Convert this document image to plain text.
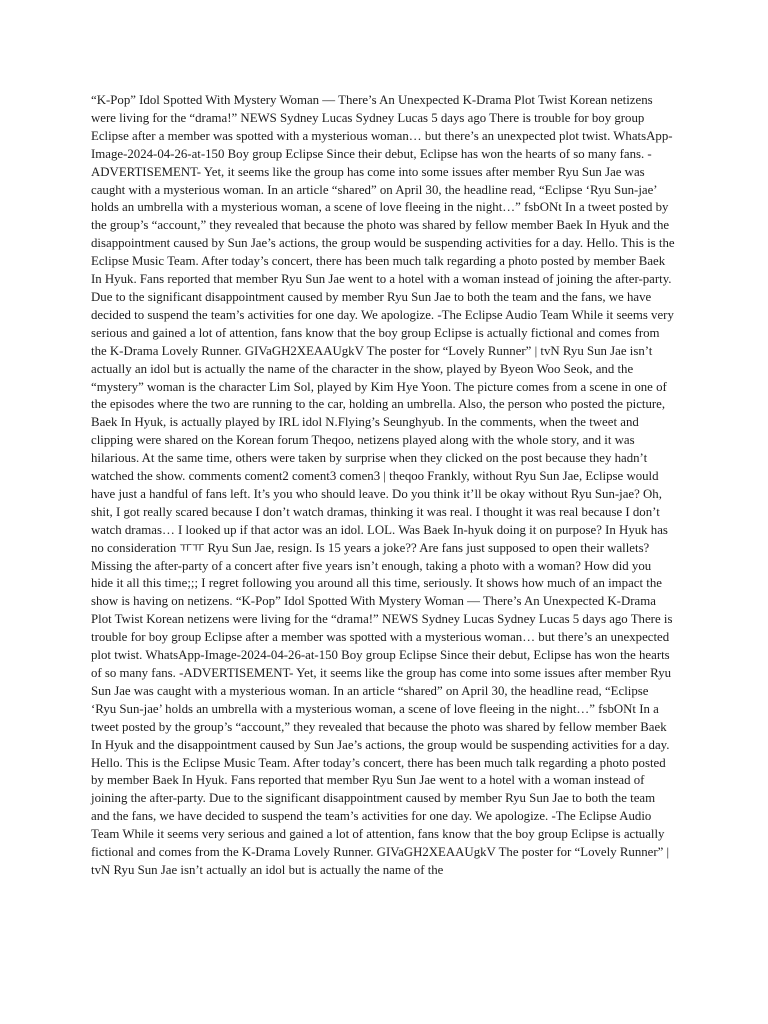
“K-Pop” Idol Spotted With Mystery Woman — There’s An Unexpected K-Drama Plot Twist Korean netizens were living for the “drama!” NEWS Sydney Lucas Sydney Lucas 5 days ago There is trouble for boy group Eclipse after a member was spotted with a mysterious woman… but there’s an unexpected plot twist. WhatsApp-Image-2024-04-26-at-150 Boy group Eclipse Since their debut, Eclipse has won the hearts of so many fans. -ADVERTISEMENT- Yet, it seems like the group has come into some issues after member Ryu Sun Jae was caught with a mysterious woman. In an article “shared” on April 30, the headline read, “Eclipse ‘Ryu Sun-jae’ holds an umbrella with a mysterious woman, a scene of love fleeing in the night…” fsbONt In a tweet posted by the group’s “account,” they revealed that because the photo was shared by fellow member Baek In Hyuk and the disappointment caused by Sun Jae’s actions, the group would be suspending activities for a day. Hello. This is the Eclipse Music Team. After today’s concert, there has been much talk regarding a photo posted by member Baek In Hyuk. Fans reported that member Ryu Sun Jae went to a hotel with a woman instead of joining the after-party. Due to the significant disappointment caused by member Ryu Sun Jae to both the team and the fans, we have decided to suspend the team’s activities for one day. We apologize. -The Eclipse Audio Team While it seems very serious and gained a lot of attention, fans know that the boy group Eclipse is actually fictional and comes from the K-Drama Lovely Runner. GIVaGH2XEAAUgkV The poster for “Lovely Runner” | tvN Ryu Sun Jae isn’t actually an idol but is actually the name of the character in the show, played by Byeon Woo Seok, and the “mystery” woman is the character Lim Sol, played by Kim Hye Yoon. The picture comes from a scene in one of the episodes where the two are running to the car, holding an umbrella. Also, the person who posted the picture, Baek In Hyuk, is actually played by IRL idol N.Flying’s Seunghyub. In the comments, when the tweet and clipping were shared on the Korean forum Theqoo, netizens played along with the whole story, and it was hilarious. At the same time, others were taken by surprise when they clicked on the post because they hadn’t watched the show. comments coment2 coment3 comen3 | theqoo Frankly, without Ryu Sun Jae, Eclipse would have just a handful of fans left. It’s you who should leave. Do you think it’ll be okay without Ryu Sun-jae? Oh, shit, I got really scared because I don’t watch dramas, thinking it was real. I thought it was real because I don’t watch dramas… I looked up if that actor was an idol. LOL. Was Baek In-hyuk doing it on purpose? In Hyuk has no consideration ㅠㅠ Ryu Sun Jae, resign. Is 15 years a joke?? Are fans just supposed to open their wallets? Missing the after-party of a concert after five years isn’t enough, taking a photo with a woman? How did you hide it all this time;;; I regret following you around all this time, seriously. It shows how much of an impact the show is having on netizens. “K-Pop” Idol Spotted With Mystery Woman — There’s An Unexpected K-Drama Plot Twist Korean netizens were living for the “drama!” NEWS Sydney Lucas Sydney Lucas 5 days ago There is trouble for boy group Eclipse after a member was spotted with a mysterious woman… but there’s an unexpected plot twist. WhatsApp-Image-2024-04-26-at-150 Boy group Eclipse Since their debut, Eclipse has won the hearts of so many fans. -ADVERTISEMENT- Yet, it seems like the group has come into some issues after member Ryu Sun Jae was caught with a mysterious woman. In an article “shared” on April 30, the headline read, “Eclipse ‘Ryu Sun-jae’ holds an umbrella with a mysterious woman, a scene of love fleeing in the night…” fsbONt In a tweet posted by the group’s “account,” they revealed that because the photo was shared by fellow member Baek In Hyuk and the disappointment caused by Sun Jae’s actions, the group would be suspending activities for a day. Hello. This is the Eclipse Music Team. After today’s concert, there has been much talk regarding a photo posted by member Baek In Hyuk. Fans reported that member Ryu Sun Jae went to a hotel with a woman instead of joining the after-party. Due to the significant disappointment caused by member Ryu Sun Jae to both the team and the fans, we have decided to suspend the team’s activities for one day. We apologize. -The Eclipse Audio Team While it seems very serious and gained a lot of attention, fans know that the boy group Eclipse is actually fictional and comes from the K-Drama Lovely Runner. GIVaGH2XEAAUgkV The poster for “Lovely Runner” | tvN Ryu Sun Jae isn’t actually an idol but is actually the name of the
